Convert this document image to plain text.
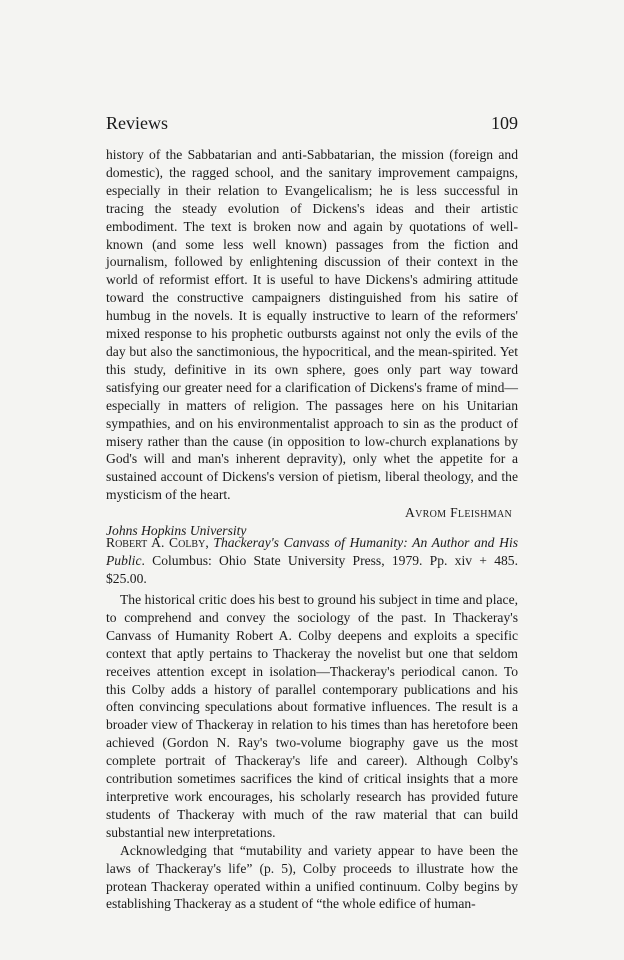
Reviews	109

history of the Sabbatarian and anti-Sabbatarian, the mission (foreign and domestic), the ragged school, and the sanitary improvement campaigns, especially in their relation to Evangelicalism; he is less successful in tracing the steady evolution of Dickens's ideas and their artistic embodiment. The text is broken now and again by quotations of well-known (and some less well known) passages from the fiction and journalism, followed by enlightening discussion of their context in the world of reformist effort. It is useful to have Dickens's admiring attitude toward the constructive campaigners distinguished from his satire of humbug in the novels. It is equally instructive to learn of the reformers' mixed response to his prophetic outbursts against not only the evils of the day but also the sanctimonious, the hypocritical, and the mean-spirited. Yet this study, definitive in its own sphere, goes only part way toward satisfying our greater need for a clarification of Dickens's frame of mind—especially in matters of religion. The passages here on his Unitarian sympathies, and on his environmentalist approach to sin as the product of misery rather than the cause (in opposition to low-church explanations by God's will and man's inherent depravity), only whet the appetite for a sustained account of Dickens's version of pietism, liberal theology, and the mysticism of the heart.

Avrom Fleishman
Johns Hopkins University

Robert A. Colby, Thackeray's Canvass of Humanity: An Author and His Public. Columbus: Ohio State University Press, 1979. Pp. xiv + 485. $25.00.

The historical critic does his best to ground his subject in time and place, to comprehend and convey the sociology of the past. In Thackeray's Canvass of Humanity Robert A. Colby deepens and exploits a specific context that aptly pertains to Thackeray the novelist but one that seldom receives attention except in isolation—Thackeray's periodical canon. To this Colby adds a history of parallel contemporary publications and his often convincing speculations about formative influences. The result is a broader view of Thackeray in relation to his times than has heretofore been achieved (Gordon N. Ray's two-volume biography gave us the most complete portrait of Thackeray's life and career). Although Colby's contribution sometimes sacrifices the kind of critical insights that a more interpretive work encourages, his scholarly research has provided future students of Thackeray with much of the raw material that can build substantial new interpretations.

Acknowledging that “mutability and variety appear to have been the laws of Thackeray's life” (p. 5), Colby proceeds to illustrate how the protean Thackeray operated within a unified continuum. Colby begins by establishing Thackeray as a student of “the whole edifice of human-
